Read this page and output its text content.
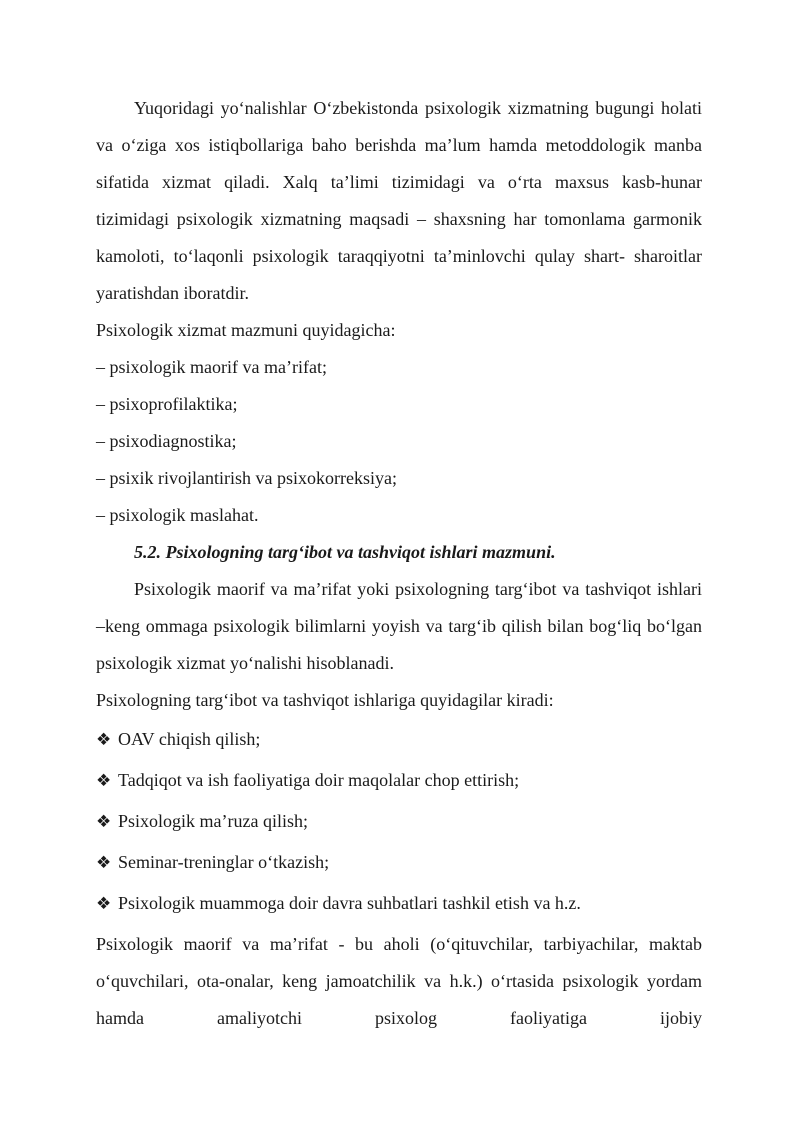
Yuqoridagi yo‘nalishlar O‘zbekistonda psixologik xizmatning bugungi holati va o‘ziga xos istiqbollariga baho berishda ma’lum hamda metoddologik manba sifatida xizmat qiladi. Xalq ta’limi tizimidagi va o‘rta maxsus kasb-hunar tizimidagi psixologik xizmatning maqsadi – shaxsning har tomonlama garmonik kamoloti, to‘laqonli psixologik taraqqiyotni ta’minlovchi qulay shart- sharoitlar yaratishdan iboratdir.

Psixologik xizmat mazmuni quyidagicha:

– psixologik maorif va ma’rifat;

– psixoprofilaktika;

– psixodiagnostika;

– psixik rivojlantirish va psixokorreksiya;

– psixologik maslahat.

5.2. Psixologning targ‘ibot va tashviqot ishlari mazmuni.

Psixologik maorif va ma’rifat yoki psixologning targ‘ibot va tashviqot ishlari –keng ommaga psixologik bilimlarni yoyish va targ‘ib qilish bilan bog‘liq bo‘lgan psixologik xizmat yo‘nalishi hisoblanadi.

Psixologning targ‘ibot va tashviqot ishlariga quyidagilar kiradi:

❖ OAV chiqish qilish;
❖ Tadqiqot va ish faoliyatiga doir maqolalar chop ettirish;
❖ Psixologik ma’ruza qilish;
❖ Seminar-treninglar o‘tkazish;
❖ Psixologik muammoga doir davra suhbatlari tashkil etish va h.z.

Psixologik maorif va ma’rifat - bu aholi (o‘qituvchilar, tarbiyachilar, maktab o‘quvchilari, ota-onalar, keng jamoatchilik va h.k.) o‘rtasida psixologik yordam hamda amaliyotchi psixolog faoliyatiga ijobiy
